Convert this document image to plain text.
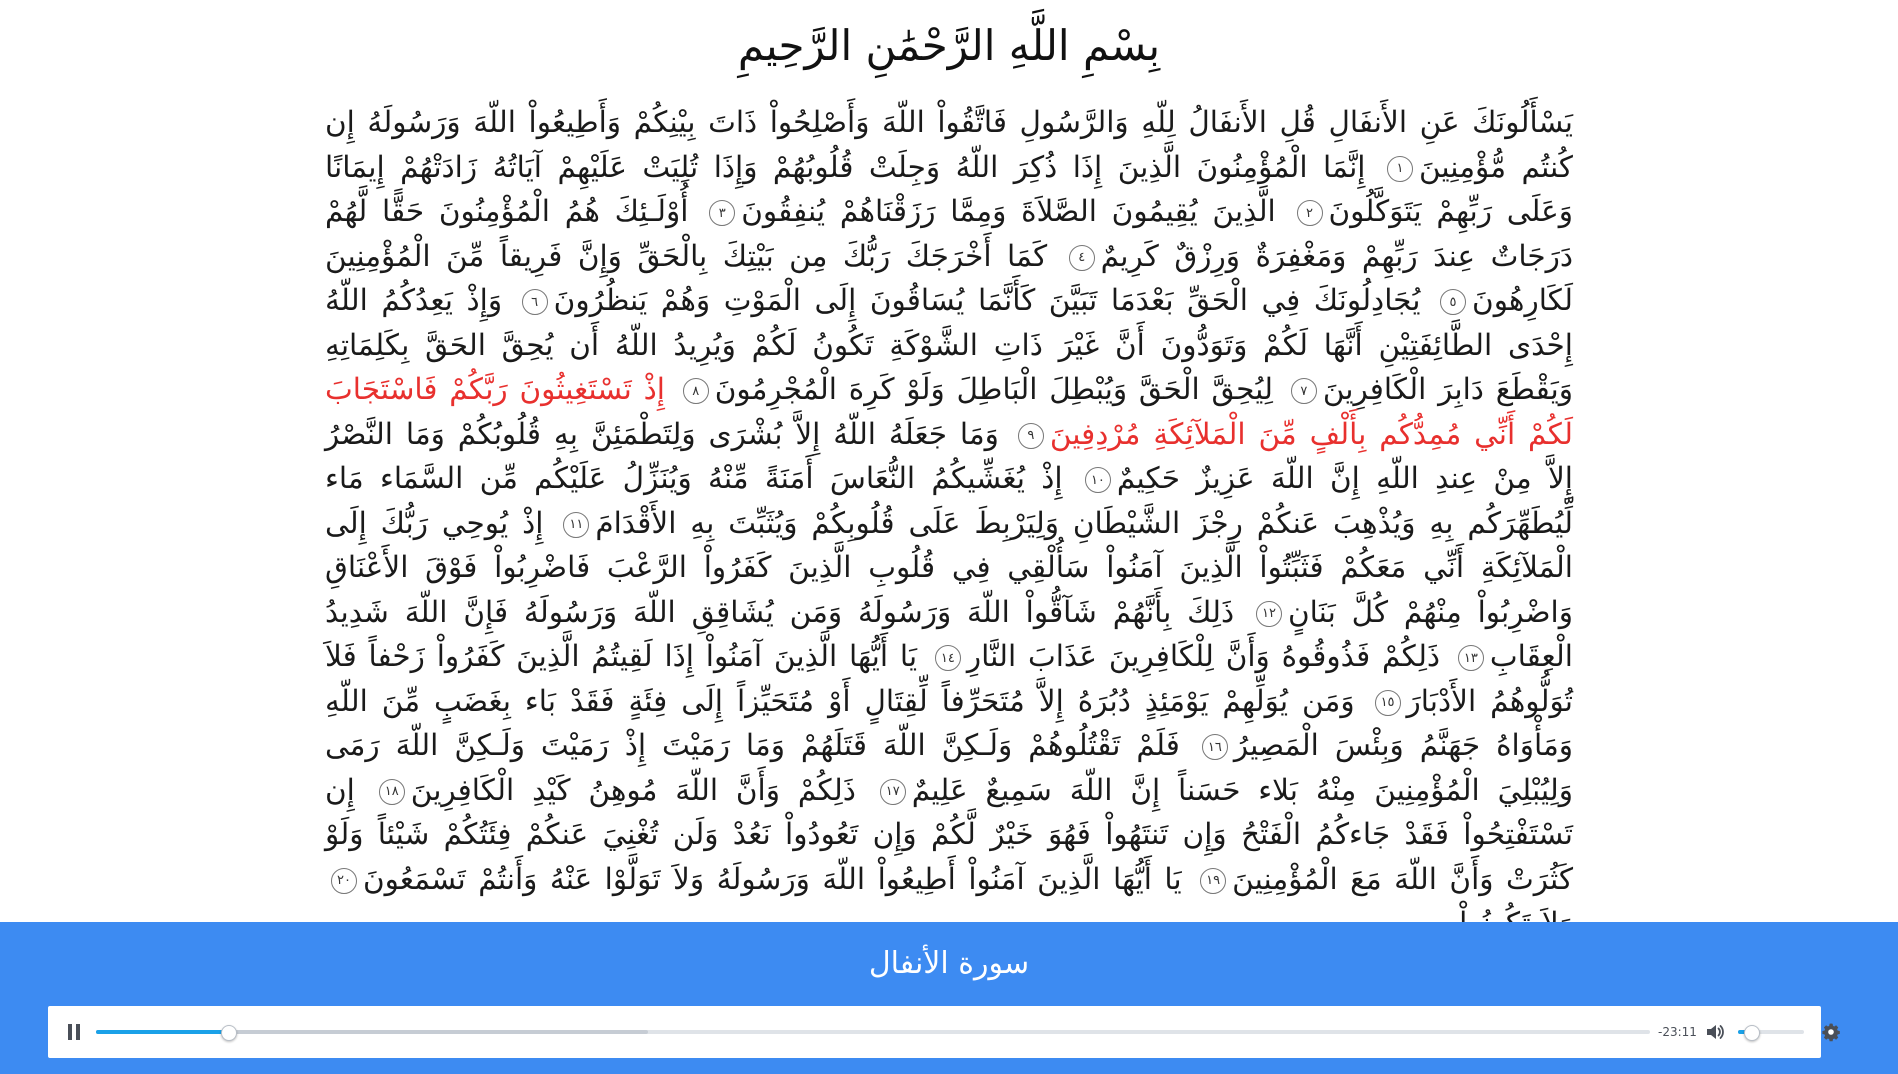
بِسْمِ اللَّهِ الرَّحْمَٰنِ الرَّحِيمِ
يَسْأَلُونَكَ عَنِ الأَنفَالِ قُلِ الأَنفَالُ لِلّهِ وَالرَّسُولِ فَاتَّقُواْ اللّهَ وَأَصْلِحُواْ ذَاتَ بِيْنِكُمْ وَأَطِيعُواْ اللّهَ وَرَسُولَهُ إِن كُنتُم مُّؤْمِنِينَ١ إِنَّمَا الْمُؤْمِنُونَ الَّذِينَ إِذَا ذُكِرَ اللّهُ وَجِلَتْ قُلُوبُهُمْ وَإِذَا تُلِيَتْ عَلَيْهِمْ آيَاتُهُ زَادَتْهُمْ إِيمَانًا وَعَلَى رَبِّهِمْ يَتَوَكَّلُونَ٢ الَّذِينَ يُقِيمُونَ الصَّلاَةَ وَمِمَّا رَزَقْنَاهُمْ يُنفِقُونَ٣ أُوْلَـئِكَ هُمُ الْمُؤْمِنُونَ حَقًّا لَّهُمْ دَرَجَاتٌ عِندَ رَبِّهِمْ وَمَغْفِرَةٌ وَرِزْقٌ كَرِيمٌ٤ كَمَا أَخْرَجَكَ رَبُّكَ مِن بَيْتِكَ بِالْحَقِّ وَإِنَّ فَرِيقاً مِّنَ الْمُؤْمِنِينَ لَكَارِهُونَ٥ يُجَادِلُونَكَ فِي الْحَقِّ بَعْدَمَا تَبَيَّنَ كَأَنَّمَا يُسَاقُونَ إِلَى الْمَوْتِ وَهُمْ يَنظُرُونَ٦ وَإِذْ يَعِدُكُمُ اللّهُ إِحْدَى الطَّائِفَتِيْنِ أَنَّهَا لَكُمْ وَتَوَدُّونَ أَنَّ غَيْرَ ذَاتِ الشَّوْكَةِ تَكُونُ لَكُمْ وَيُرِيدُ اللّهُ أَن يُحِقَّ الحَقَّ بِكَلِمَاتِهِ وَيَقْطَعَ دَابِرَ الْكَافِرِينَ٧ لِيُحِقَّ الْحَقَّ وَيُبْطِلَ الْبَاطِلَ وَلَوْ كَرِهَ الْمُجْرِمُونَ٨ إِذْ تَسْتَغِيثُونَ رَبَّكُمْ فَاسْتَجَابَ لَكُمْ أَنِّي مُمِدُّكُم بِأَلْفٍ مِّنَ الْمَلآئِكَةِ مُرْدِفِينَ٩ وَمَا جَعَلَهُ اللّهُ إِلاَّ بُشْرَى وَلِتَطْمَئِنَّ بِهِ قُلُوبُكُمْ وَمَا النَّصْرُ إِلاَّ مِنْ عِندِ اللّهِ إِنَّ اللّهَ عَزِيزٌ حَكِيمٌ١٠ إِذْ يُغَشِّيكُمُ النُّعَاسَ أَمَنَةً مِّنْهُ وَيُنَزِّلُ عَلَيْكُم مِّن السَّمَاء مَاء لِّيُطَهِّرَكُم بِهِ وَيُذْهِبَ عَنكُمْ رِجْزَ الشَّيْطَانِ وَلِيَرْبِطَ عَلَى قُلُوبِكُمْ وَيُثَبِّتَ بِهِ الأَقْدَامَ١١ إِذْ يُوحِي رَبُّكَ إِلَى الْمَلآئِكَةِ أَنِّي مَعَكُمْ فَثَبِّتُواْ الَّذِينَ آمَنُواْ سَأُلْقِي فِي قُلُوبِ الَّذِينَ كَفَرُواْ الرَّعْبَ فَاضْرِبُواْ فَوْقَ الأَعْنَاقِ وَاضْرِبُواْ مِنْهُمْ كُلَّ بَنَانٍ١٢ ذَلِكَ بِأَنَّهُمْ شَآقُّواْ اللّهَ وَرَسُولَهُ وَمَن يُشَاقِقِ اللّهَ وَرَسُولَهُ فَإِنَّ اللّهَ شَدِيدُ الْعِقَابِ١٣ ذَلِكُمْ فَذُوقُوهُ وَأَنَّ لِلْكَافِرِينَ عَذَابَ النَّارِ١٤ يَا أَيُّهَا الَّذِينَ آمَنُواْ إِذَا لَقِيتُمُ الَّذِينَ كَفَرُواْ زَحْفاً فَلاَ تُوَلُّوهُمُ الأَدْبَارَ١٥ وَمَن يُوَلِّهِمْ يَوْمَئِذٍ دُبُرَهُ إِلاَّ مُتَحَرِّفاً لِّقِتَالٍ أَوْ مُتَحَيِّزاً إِلَى فِئَةٍ فَقَدْ بَاء بِغَضَبٍ مِّنَ اللّهِ وَمَأْوَاهُ جَهَنَّمُ وَبِئْسَ الْمَصِيرُ١٦ فَلَمْ تَقْتُلُوهُمْ وَلَـكِنَّ اللّهَ قَتَلَهُمْ وَمَا رَمَيْتَ إِذْ رَمَيْتَ وَلَـكِنَّ اللّهَ رَمَى وَلِيُبْلِيَ الْمُؤْمِنِينَ مِنْهُ بَلاء حَسَناً إِنَّ اللّهَ سَمِيعٌ عَلِيمٌ١٧ ذَلِكُمْ وَأَنَّ اللّهَ مُوهِنُ كَيْدِ الْكَافِرِينَ١٨ إِن تَسْتَفْتِحُواْ فَقَدْ جَاءكُمُ الْفَتْحُ وَإِن تَنتَهُواْ فَهُوَ خَيْرٌ لَّكُمْ وَإِن تَعُودُواْ نَعُدْ وَلَن تُغْنِيَ عَنكُمْ فِئَتُكُمْ شَيْئاً وَلَوْ كَثُرَتْ وَأَنَّ اللّهَ مَعَ الْمُؤْمِنِينَ١٩ يَا أَيُّهَا الَّذِينَ آمَنُواْ أَطِيعُواْ اللّهَ وَرَسُولَهُ وَلاَ تَوَلَّوْا عَنْهُ وَأَنتُمْ تَسْمَعُونَ٢٠
سورة الأنفال
-23:11
